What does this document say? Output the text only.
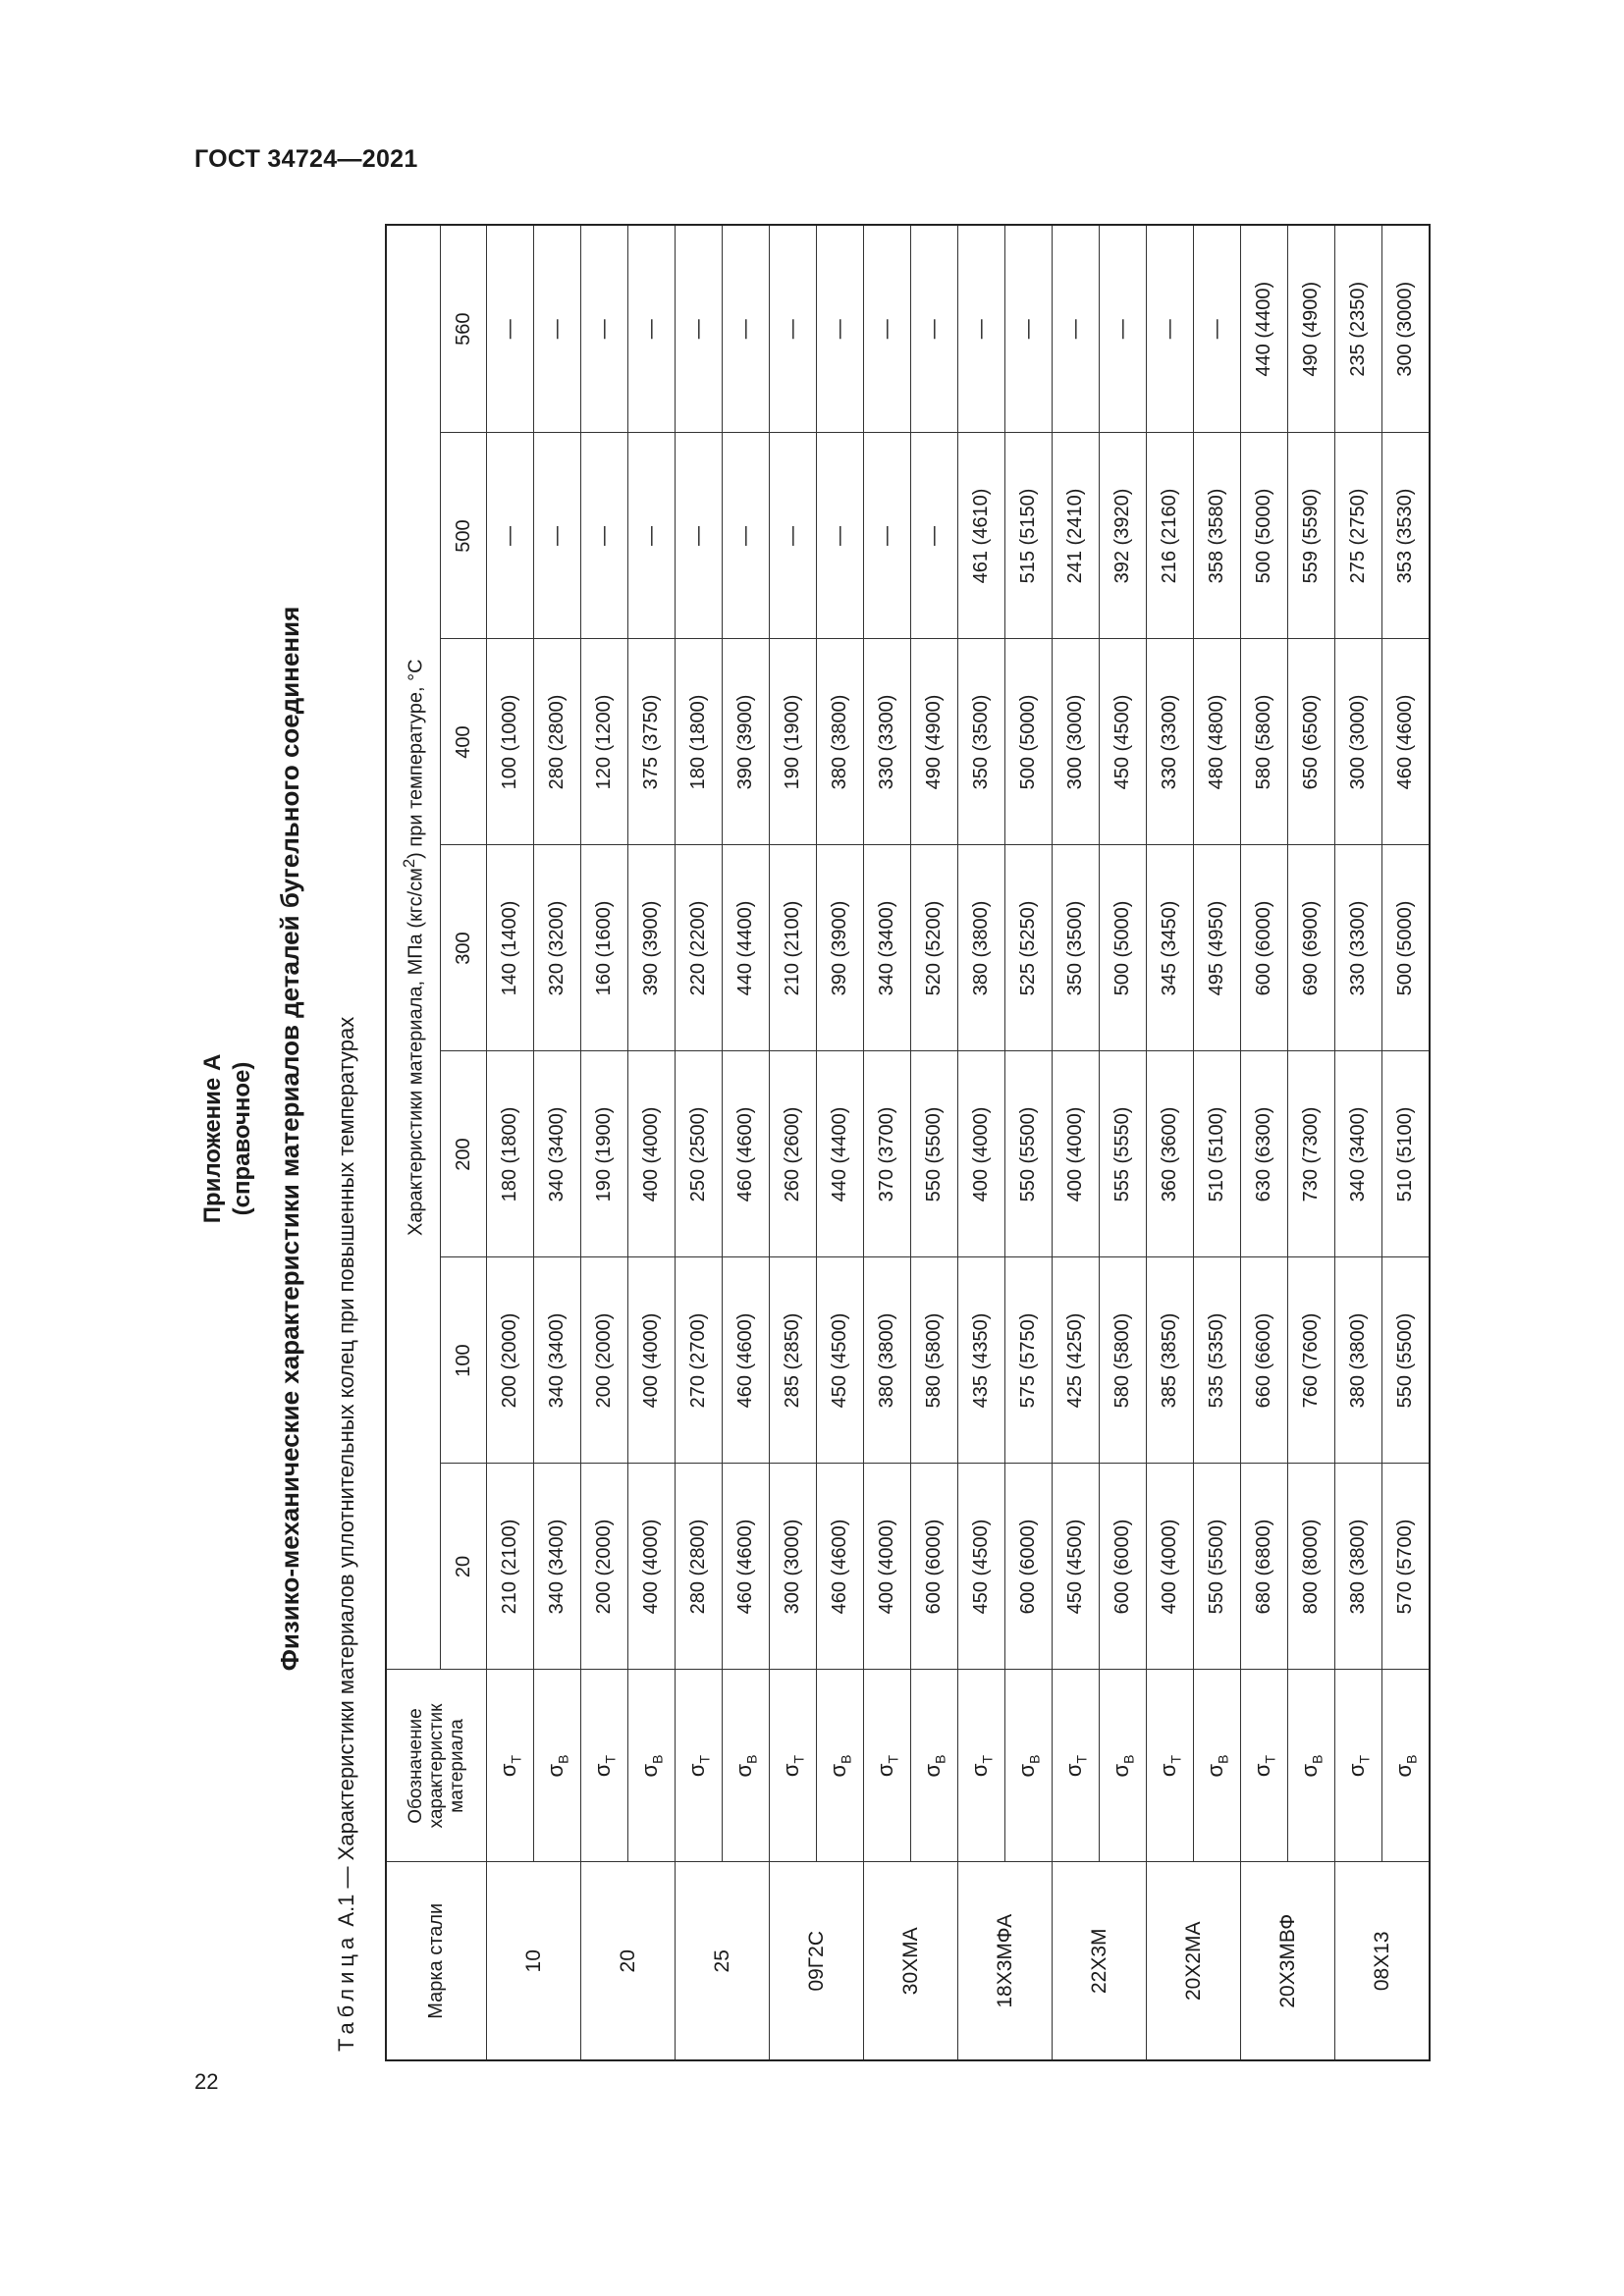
ГОСТ 34724—2021
22
Приложение А (справочное) Физико-механические характеристики материалов деталей бугельного соединения
Таблица А.1 — Характеристики материалов уплотнительных колец при повышенных температурах
Марка стали	Обозначение характеристик материала	Характеристики материала, МПа $(кгс/см^2)$ при температуре, °С						
		20	100	200	300	400	500	560
10	$\sigma_Т$	210 (2100)	200 (2000)	180 (1800)	140 (1400)	100 (1000)	—	—
	$\sigma_В$	340 (3400)	340 (3400)	340 (3400)	320 (3200)	280 (2800)	—	—
20	$\sigma_Т$	200 (2000)	200 (2000)	190 (1900)	160 (1600)	120 (1200)	—	—
	$\sigma_В$	400 (4000)	400 (4000)	400 (4000)	390 (3900)	375 (3750)	—	—
25	$\sigma_Т$	280 (2800)	270 (2700)	250 (2500)	220 (2200)	180 (1800)	—	—
	$\sigma_В$	460 (4600)	460 (4600)	460 (4600)	440 (4400)	390 (3900)	—	—
09Г2С	$\sigma_Т$	300 (3000)	285 (2850)	260 (2600)	210 (2100)	190 (1900)	—	—
	$\sigma_В$	460 (4600)	450 (4500)	440 (4400)	390 (3900)	380 (3800)	—	—
30ХМА	$\sigma_Т$	400 (4000)	380 (3800)	370 (3700)	340 (3400)	330 (3300)	—	—
	$\sigma_В$	600 (6000)	580 (5800)	550 (5500)	520 (5200)	490 (4900)	—	—
18Х3МФА	$\sigma_Т$	450 (4500)	435 (4350)	400 (4000)	380 (3800)	350 (3500)	461 (4610)	—
	$\sigma_В$	600 (6000)	575 (5750)	550 (5500)	525 (5250)	500 (5000)	515 (5150)	—
22Х3М	$\sigma_Т$	450 (4500)	425 (4250)	400 (4000)	350 (3500)	300 (3000)	241 (2410)	—
	$\sigma_В$	600 (6000)	580 (5800)	555 (5550)	500 (5000)	450 (4500)	392 (3920)	—
20Х2МА	$\sigma_Т$	400 (4000)	385 (3850)	360 (3600)	345 (3450)	330 (3300)	216 (2160)	—
	$\sigma_В$	550 (5500)	535 (5350)	510 (5100)	495 (4950)	480 (4800)	358 (3580)	—
20Х3МВФ	$\sigma_Т$	680 (6800)	660 (6600)	630 (6300)	600 (6000)	580 (5800)	500 (5000)	440 (4400)
	$\sigma_В$	800 (8000)	760 (7600)	730 (7300)	690 (6900)	650 (6500)	559 (5590)	490 (4900)
08Х13	$\sigma_Т$	380 (3800)	380 (3800)	340 (3400)	330 (3300)	300 (3000)	275 (2750)	235 (2350)
	$\sigma_В$	570 (5700)	550 (5500)	510 (5100)	500 (5000)	460 (4600)	353 (3530)	300 (3000)
